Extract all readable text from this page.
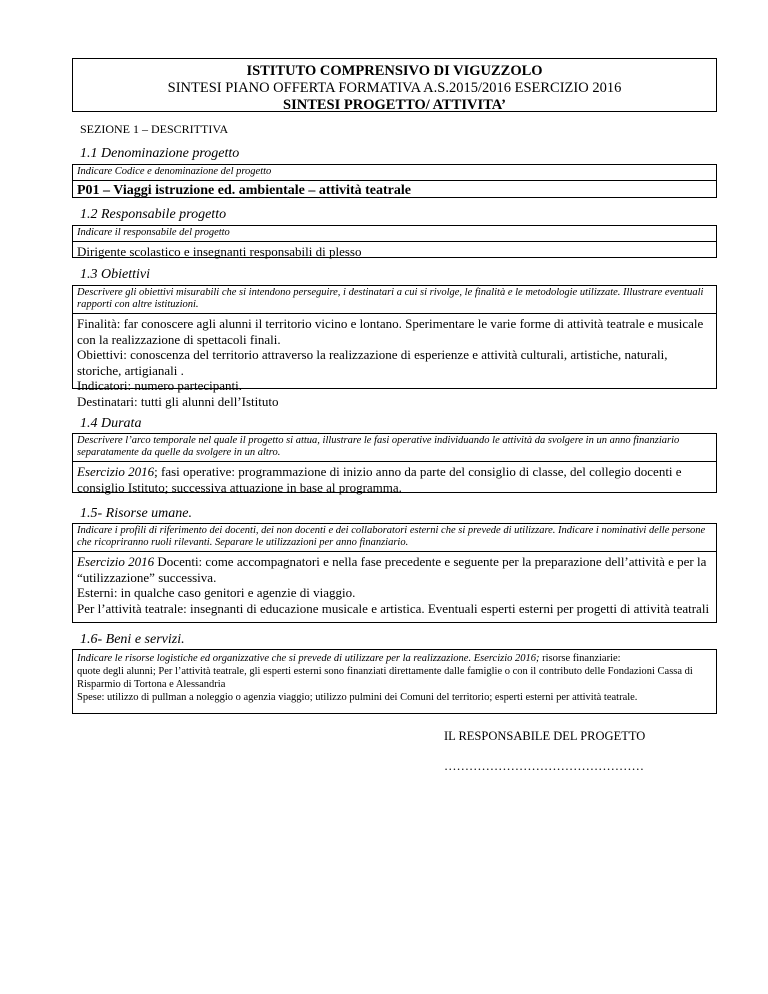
ISTITUTO COMPRENSIVO DI VIGUZZOLO
SINTESI PIANO OFFERTA FORMATIVA A.S.2015/2016 ESERCIZIO 2016
SINTESI PROGETTO/ ATTIVITA’
SEZIONE 1 – DESCRITTIVA
1.1 Denominazione progetto
Indicare Codice e denominazione del progetto
P01 – Viaggi istruzione ed. ambientale – attività teatrale
1.2 Responsabile progetto
Indicare il responsabile del progetto
Dirigente scolastico e insegnanti responsabili di plesso
1.3 Obiettivi
Descrivere gli obiettivi misurabili che si intendono perseguire, i destinatari a cui si rivolge, le finalità e le metodologie utilizzate. Illustrare eventuali rapporti con altre istituzioni.
Finalità: far conoscere agli alunni il territorio vicino e lontano. Sperimentare le varie forme di attività teatrale e musicale con la realizzazione di spettacoli finali.
Obiettivi: conoscenza del territorio attraverso la realizzazione di esperienze e attività culturali, artistiche, naturali, storiche, artigianali .
Indicatori: numero partecipanti.
Destinatari: tutti gli alunni dell’Istituto
1.4 Durata
Descrivere l’arco temporale nel quale il progetto si attua, illustrare le fasi operative individuando le attività da svolgere in un anno finanziario separatamente da quelle da svolgere in un altro.
Esercizio 2016; fasi operative: programmazione di inizio anno da parte del consiglio di classe, del collegio docenti e consiglio Istituto; successiva attuazione in base al programma.
1.5- Risorse umane.
Indicare i profili di riferimento dei docenti, dei non docenti e dei collaboratori esterni che si prevede di utilizzare. Indicare i nominativi delle persone che ricopriranno ruoli rilevanti. Separare le utilizzazioni per anno finanziario.
Esercizio 2016 Docenti: come accompagnatori e nella fase precedente e seguente per la preparazione dell’attività e per la “utilizzazione” successiva.
Esterni: in qualche caso genitori e agenzie di viaggio.
Per l’attività teatrale: insegnanti di educazione musicale e artistica. Eventuali esperti esterni per progetti di attività teatrali
1.6- Beni e servizi.
Indicare le risorse logistiche ed organizzative che si prevede di utilizzare per la realizzazione. Esercizio 2016; risorse finanziarie:
quote degli alunni; Per l’attività teatrale, gli esperti esterni sono finanziati direttamente dalle famiglie o con il contributo delle Fondazioni Cassa di Risparmio di Tortona e Alessandria
Spese: utilizzo di pullman a noleggio o agenzia viaggio; utilizzo pulmini dei Comuni del territorio; esperti esterni per attività teatrale.
IL RESPONSABILE DEL PROGETTO
…………………………………………
